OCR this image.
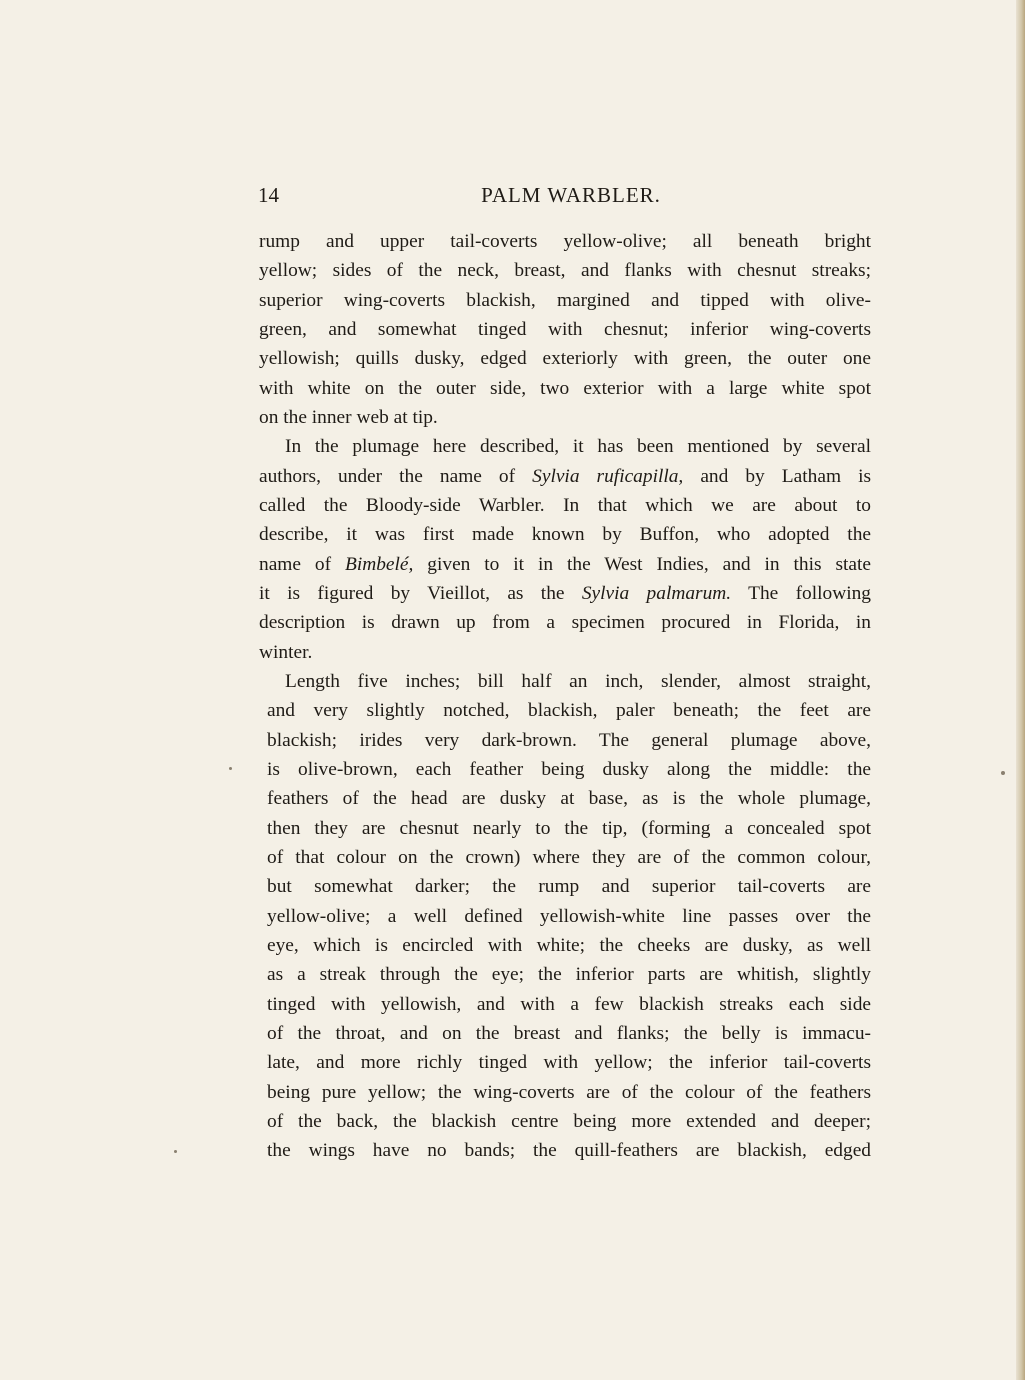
14	PALM WARBLER.
rump and upper tail-coverts yellow-olive; all beneath bright
yellow; sides of the neck, breast, and flanks with chesnut streaks;
superior wing-coverts blackish, margined and tipped with olive-
green, and somewhat tinged with chesnut; inferior wing-coverts
yellowish; quills dusky, edged exteriorly with green, the outer one
with white on the outer side, two exterior with a large white spot
on the inner web at tip.
In the plumage here described, it has been mentioned by several
authors, under the name of Sylvia ruficapilla, and by Latham is
called the Bloody-side Warbler. In that which we are about to
describe, it was first made known by Buffon, who adopted the
name of Bimbelé, given to it in the West Indies, and in this state
it is figured by Vieillot, as the Sylvia palmarum. The following
description is drawn up from a specimen procured in Florida, in
winter.
Length five inches; bill half an inch, slender, almost straight,
and very slightly notched, blackish, paler beneath; the feet are
blackish; irides very dark-brown. The general plumage above,
is olive-brown, each feather being dusky along the middle: the
feathers of the head are dusky at base, as is the whole plumage,
then they are chesnut nearly to the tip, (forming a concealed spot
of that colour on the crown) where they are of the common colour,
but somewhat darker; the rump and superior tail-coverts are
yellow-olive; a well defined yellowish-white line passes over the
eye, which is encircled with white; the cheeks are dusky, as well
as a streak through the eye; the inferior parts are whitish, slightly
tinged with yellowish, and with a few blackish streaks each side
of the throat, and on the breast and flanks; the belly is immacu-
late, and more richly tinged with yellow; the inferior tail-coverts
being pure yellow; the wing-coverts are of the colour of the feathers
of the back, the blackish centre being more extended and deeper;
the wings have no bands; the quill-feathers are blackish, edged
